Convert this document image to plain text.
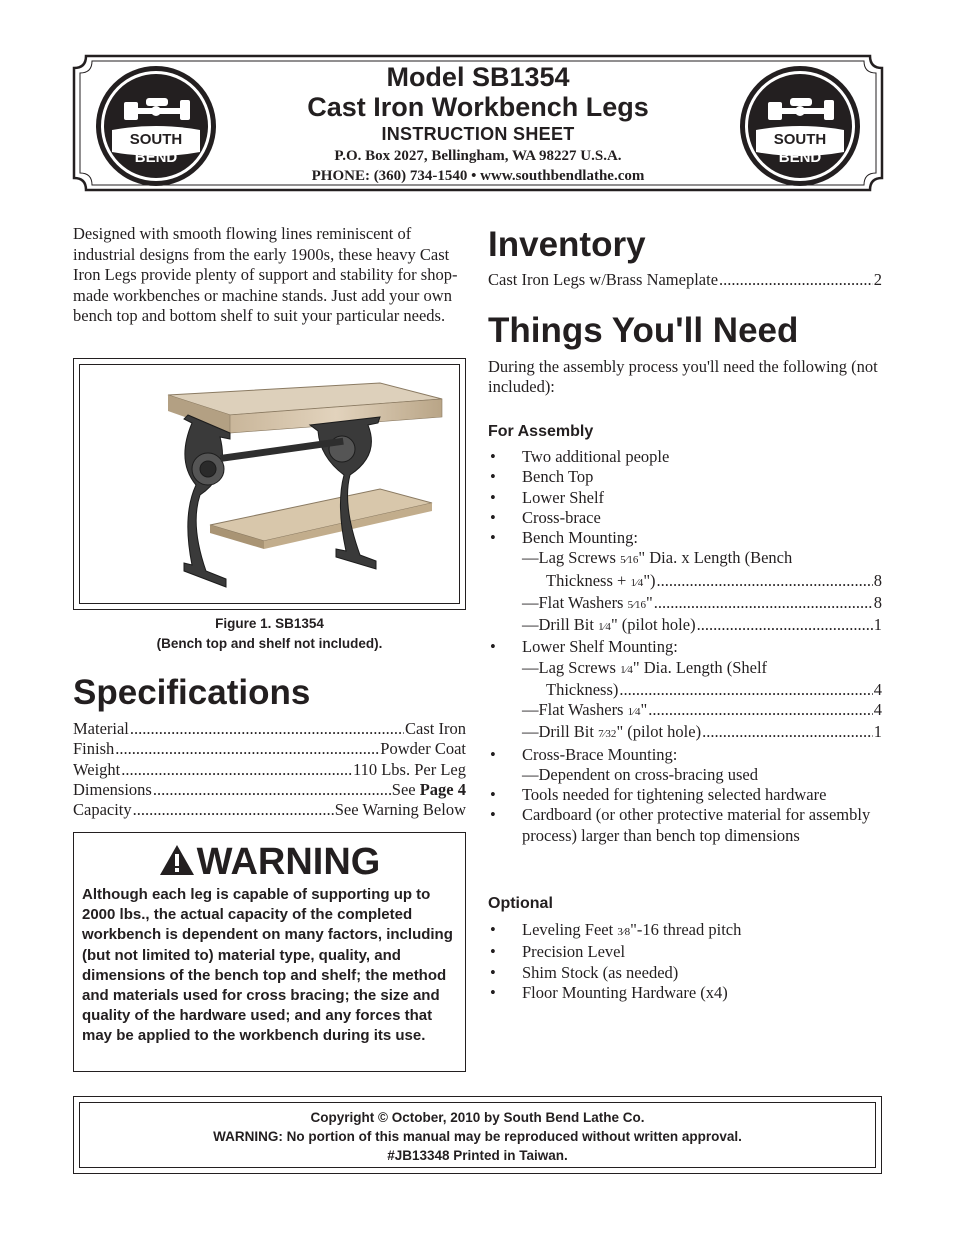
SOUTH
BEND
Model SB1354
Cast Iron Workbench Legs
INSTRUCTION SHEET
P.O. Box 2027, Bellingham, WA 98227 U.S.A.
PHONE: (360) 734-1540 • www.southbendlathe.com
SOUTH
BEND
Designed with smooth flowing lines reminiscent of industrial designs from the early 1900s, these heavy Cast Iron Legs provide plenty of support and stability for shop-made workbenches or machine stands. Just add your own bench top and bottom shelf to suit your particular needs.
Figure 1. SB1354
(Bench top and shelf not included).
Specifications
Material .....	Cast Iron
Finish .....	Powder Coat
Weight .....	110 Lbs. Per Leg
Dimensions .....	See Page 4
Capacity .....	See Warning Below
WARNING
Although each leg is capable of supporting up to 2000 lbs., the actual capacity of the completed workbench is dependent on many factors, including (but not limited to) material type, quality, and dimensions of the bench top and shelf; the method and materials used for cross bracing; the size and quality of the hardware used; and any forces that may be applied to the workbench during its use.
Inventory
Cast Iron Legs w/Brass Nameplate .....	2
Things You'll Need
During the assembly process you'll need the following (not included):
For Assembly
• Two additional people
• Bench Top
• Lower Shelf
• Cross-brace
• Bench Mounting:
—Lag Screws 5⁄16" Dia. x Length (Bench
Thickness + 1⁄4") .....	8
—Flat Washers 5⁄16" .....	8
—Drill Bit 1⁄4" (pilot hole) .....	1
• Lower Shelf Mounting:
—Lag Screws 1⁄4" Dia. Length (Shelf
Thickness) .....	4
—Flat Washers 1⁄4" .....	4
—Drill Bit 7⁄32" (pilot hole) .....	1
• Cross-Brace Mounting:
—Dependent on cross-bracing used
• Tools needed for tightening selected hardware
• Cardboard (or other protective material for assembly process) larger than bench top dimensions
Optional
• Leveling Feet 3⁄8"-16 thread pitch
• Precision Level
• Shim Stock (as needed)
• Floor Mounting Hardware (x4)
Copyright © October, 2010 by South Bend Lathe Co.
WARNING: No portion of this manual may be reproduced without written approval.
#JB13348 Printed in Taiwan.
